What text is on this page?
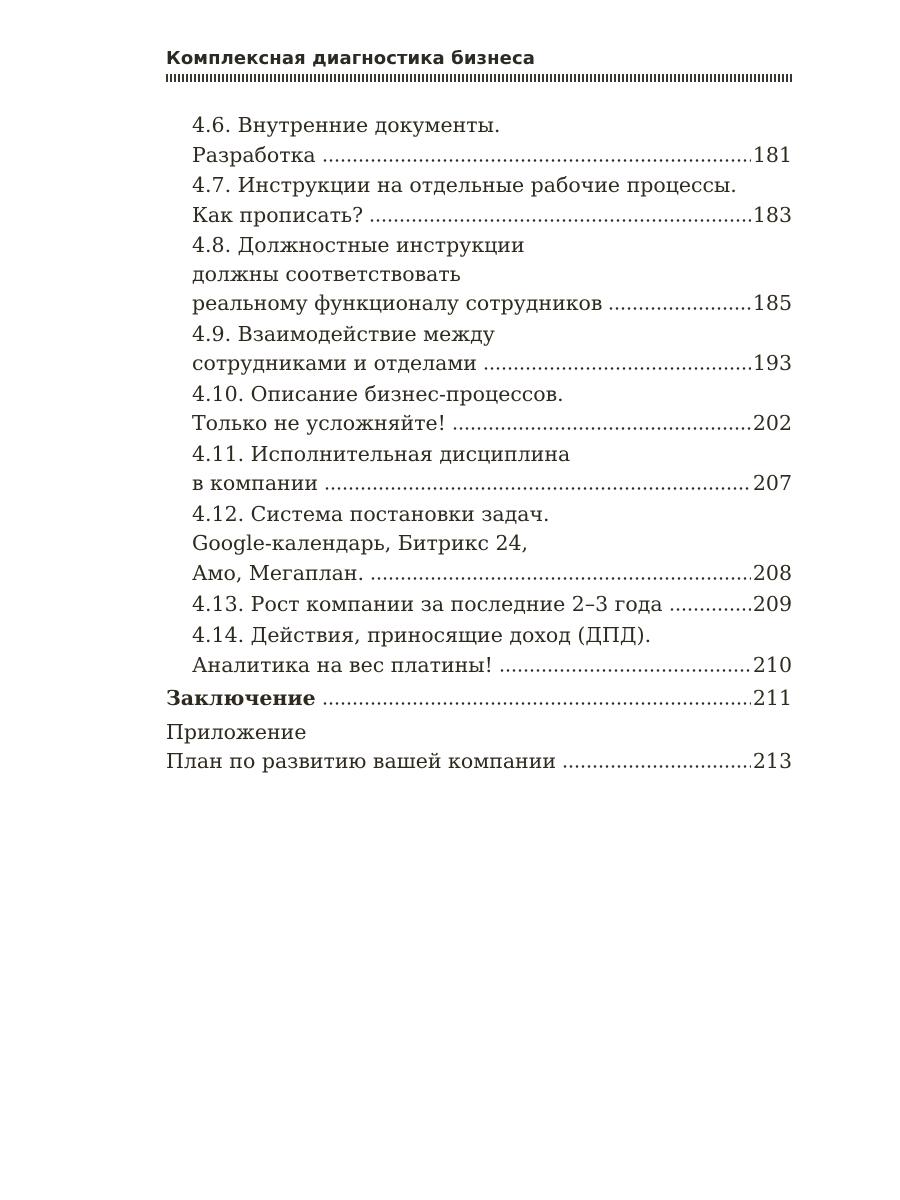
Комплексная диагностика бизнеса
4.6. Внутренние документы.
Разработка	181
4.7. Инструкции на отдельные рабочие процессы.
Как прописать?	183
4.8. Должностные инструкции
должны соответствовать
реальному функционалу сотрудников	185
4.9. Взаимодействие между
сотрудниками и отделами	193
4.10. Описание бизнес-процессов.
Только не усложняйте!	202
4.11. Исполнительная дисциплина
в компании	207
4.12. Система постановки задач.
Google-календарь, Битрикс 24,
Амо, Мегаплан.	208
4.13. Рост компании за последние 2–3 года	209
4.14. Действия, приносящие доход (ДПД).
Аналитика на вес платины!	210
Заключение	211
Приложение
План по развитию вашей компании	213
